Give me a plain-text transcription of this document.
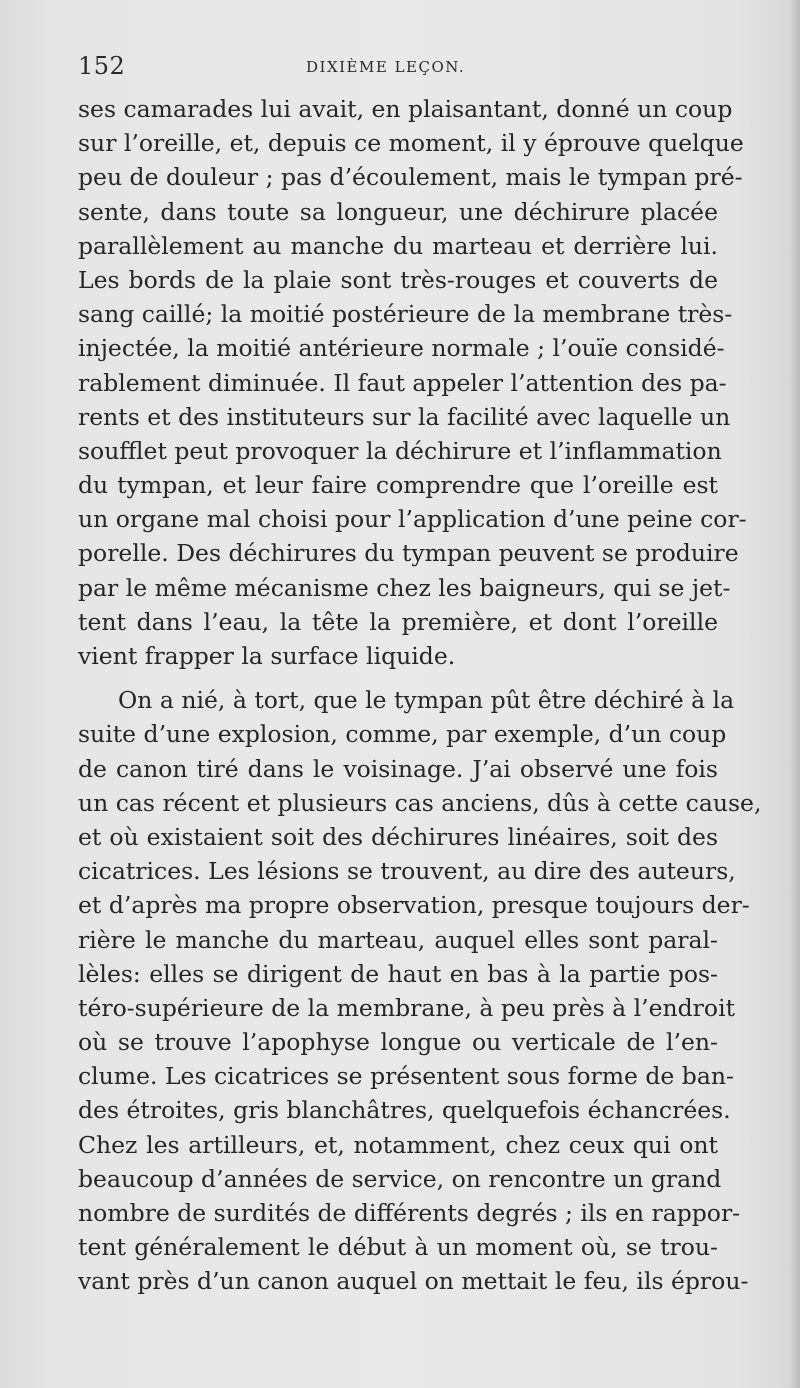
152	DIXIÈME LEÇON.
ses camarades lui avait, en plaisantant, donné un coup
sur l’oreille, et, depuis ce moment, il y éprouve quelque
peu de douleur ; pas d’écoulement, mais le tympan pré-
sente, dans toute sa longueur, une déchirure placée
parallèlement au manche du marteau et derrière lui.
Les bords de la plaie sont très-rouges et couverts de
sang caillé; la moitié postérieure de la membrane très-
injectée, la moitié antérieure normale ; l’ouïe considé-
rablement diminuée. Il faut appeler l’attention des pa-
rents et des instituteurs sur la facilité avec laquelle un
soufflet peut provoquer la déchirure et l’inflammation
du tympan, et leur faire comprendre que l’oreille est
un organe mal choisi pour l’application d’une peine cor-
porelle. Des déchirures du tympan peuvent se produire
par le même mécanisme chez les baigneurs, qui se jet-
tent dans l’eau, la tête la première, et dont l’oreille
vient frapper la surface liquide.
On a nié, à tort, que le tympan pût être déchiré à la
suite d’une explosion, comme, par exemple, d’un coup
de canon tiré dans le voisinage. J’ai observé une fois
un cas récent et plusieurs cas anciens, dûs à cette cause,
et où existaient soit des déchirures linéaires, soit des
cicatrices. Les lésions se trouvent, au dire des auteurs,
et d’après ma propre observation, presque toujours der-
rière le manche du marteau, auquel elles sont paral-
lèles: elles se dirigent de haut en bas à la partie pos-
téro-supérieure de la membrane, à peu près à l’endroit
où se trouve l’apophyse longue ou verticale de l’en-
clume. Les cicatrices se présentent sous forme de ban-
des étroites, gris blanchâtres, quelquefois échancrées.
Chez les artilleurs, et, notamment, chez ceux qui ont
beaucoup d’années de service, on rencontre un grand
nombre de surdités de différents degrés ; ils en rappor-
tent généralement le début à un moment où, se trou-
vant près d’un canon auquel on mettait le feu, ils éprou-
